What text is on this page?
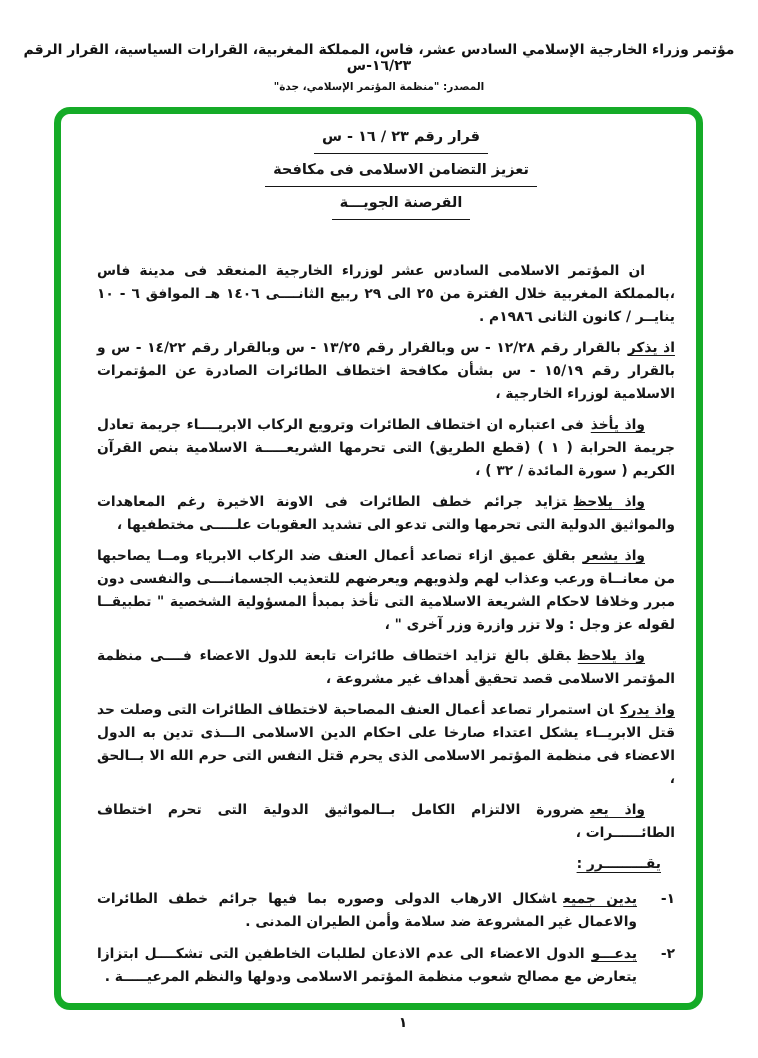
مؤتمر وزراء الخارجية الإسلامي السادس عشر، فاس، المملكة المغربية، القرارات السياسية، القرار الرقم ١٦/٢٣-س
المصدر: "منظمة المؤتمر الإسلامي، جدة"
قرار رقم ٢٣ / ١٦ - س
تعزيز التضامن الاسلامى فى مكافحة
القرصنة الجويـــة

ان المؤتمر الاسلامى السادس عشر لوزراء الخارجية المنعقد فى مدينة فاس ،بالمملكة المغربية خلال الفترة من ٢٥ الى ٢٩ ربيع الثانــــى ١٤٠٦ هـ الموافق ٦ - ١٠ ينايــر / كانون الثانى ١٩٨٦م .

اذ يذكربالقرار رقم ١٢/٢٨ - س وبالقرار رقم ١٣/٢٥ - س وبالقرار رقم ١٤/٢٢ - س و بالقرار رقم ١٥/١٩ - س بشأن مكافحة اختطاف الطائرات الصادرة عن المؤتمرات الاسلامية لوزراء الخارجية ،

واذ يأخذفى اعتباره ان اختطاف الطائرات وترويع الركاب الابريــــاء جريمة تعادل جريمة الحرابة ( ١ ) (قطع الطريق) التى تحرمها الشريعـــــة الاسلامية بنص القرآن الكريم ( سورة المائدة / ٣٢ ) ،

واذ يلاحظتزايد جرائم خطف الطائرات فى الاونة الاخيرة رغم المعاهدات والمواثيق الدولية التى تحرمها والتى تدعو الى تشديد العقوبات علـــــى مختطفيها ،

واذ يشعربقلق عميق ازاء تصاعد أعمال العنف ضد الركاب الابرياء ومــا يصاحبها من معانــاة ورعب وعذاب لهم ولذويهم ويعرضهم للتعذيب الجسمانــــى والنفسى دون مبرر وخلافا لاحكام الشريعة الاسلامية التى تأخذ بمبدأ المسؤولية الشخصية " تطبيقــا لقوله عز وجل : ولا تزر وازرة وزر آخرى " ،

واذ يلاحظبقلق بالغ تزايد اختطاف طائرات تابعة للدول الاعضاء فــــى منظمة المؤتمر الاسلامى قصد تحقيق أهداف غير مشروعة ،

واذ يدركان استمرار تصاعد أعمال العنف المصاحبة لاختطاف الطائرات التى وصلت حد قتل الابريــاء يشكل اعتداء صارخا على احكام الدين الاسلامى الـــذى تدين به الدول الاعضاء فى منظمة المؤتمر الاسلامى الذى يحرم قتل النفس التى حرم الله الا بــالحق ،

واذ يعيضرورة الالتزام الكامل بــالمواثيق الدولية التى تحرم اختطاف الطائــــــرات ،

يقـــــــــرر :
١-

يدين جميعاشكال الارهاب الدولى وصوره بما فيها جرائم خطف الطائرات والاعمال غير المشروعة ضد سلامة وأمن الطيران المدنى .

٢-

يدعـــوالدول الاعضاء الى عدم الاذعان لطلبات الخاطفين التى تشكــــل ابتزازا يتعارض مع مصالح شعوب منظمة المؤتمر الاسلامى ودولها والنظم المرعيـــــة .

١
